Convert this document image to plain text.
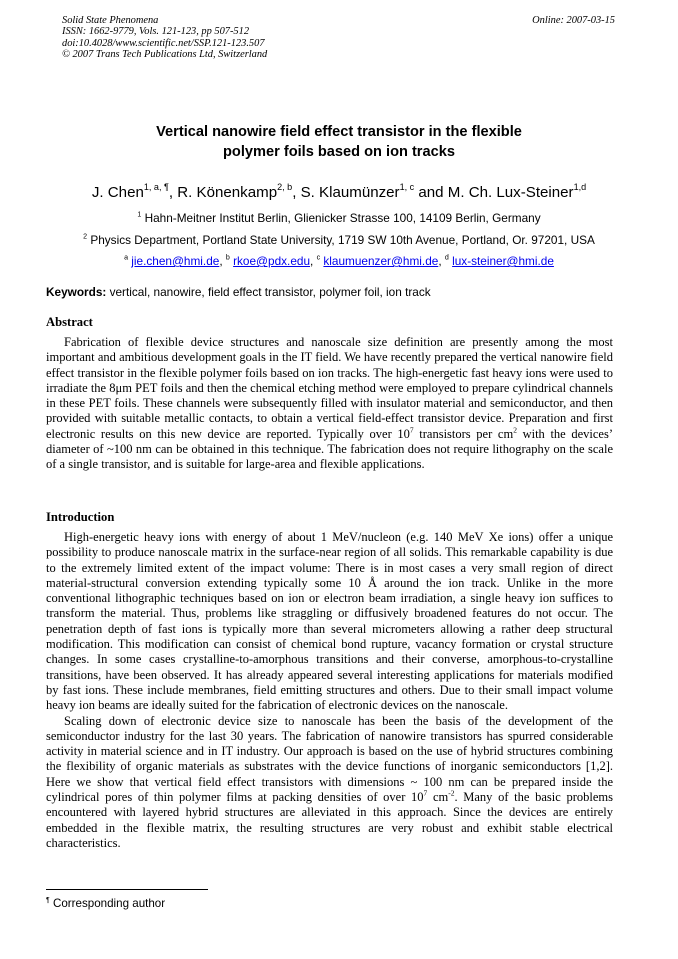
Solid State Phenomena
ISSN: 1662-9779, Vols. 121-123, pp 507-512
doi:10.4028/www.scientific.net/SSP.121-123.507
© 2007 Trans Tech Publications Ltd, Switzerland
Online: 2007-03-15
Vertical nanowire field effect transistor in the flexible
polymer foils based on ion tracks
J. Chen$^{1, a, \P}$, R. Könenkamp$^{2, b}$, S. Klaumünzer$^{1, c}$ and M. Ch. Lux-Steiner$^{1,d}$
$^1$ Hahn-Meitner Institut Berlin, Glienicker Strasse 100, 14109 Berlin, Germany
$^2$ Physics Department, Portland State University, 1719 SW 10th Avenue, Portland, Or. 97201, USA
$^a$ jie.chen@hmi.de, $^b$ rkoe@pdx.edu, $^c$ klaumuenzer@hmi.de, $^d$ lux-steiner@hmi.de
Keywords: vertical, nanowire, field effect transistor, polymer foil, ion track
Abstract

Fabrication of flexible device structures and nanoscale size definition are presently among the most important and ambitious development goals in the IT field. We have recently prepared the vertical nanowire field effect transistor in the flexible polymer foils based on ion tracks. The high-energetic fast heavy ions were used to irradiate the 8μm PET foils and then the chemical etching method were employed to prepare cylindrical channels in these PET foils. These channels were subsequently filled with insulator material and semiconductor, and then provided with suitable metallic contacts, to obtain a vertical field-effect transistor device. Preparation and first electronic results on this new device are reported. Typically over $10^7$ transistors per $cm^2$ with the devices’ diameter of ~100 nm can be obtained in this technique. The fabrication does not require lithography on the scale of a single transistor, and is suitable for large-area and flexible applications.

Introduction

High-energetic heavy ions with energy of about 1 MeV/nucleon (e.g. 140 MeV Xe ions) offer a unique possibility to produce nanoscale matrix in the surface-near region of all solids. This remarkable capability is due to the extremely limited extent of the impact volume: There is in most cases a very small region of direct material-structural conversion extending typically some 10 Å around the ion track. Unlike in the more conventional lithographic techniques based on ion or electron beam irradiation, a single heavy ion suffices to transform the material. Thus, problems like straggling or diffusively broadened features do not occur. The penetration depth of fast ions is typically more than several micrometers allowing a rather deep structural modification. This modification can consist of chemical bond rupture, vacancy formation or crystal structure changes. In some cases crystalline-to-amorphous transitions and their converse, amorphous-to-crystalline transitions, have been observed. It has already appeared several interesting applications for materials modified by fast ions. These include membranes, field emitting structures and others. Due to their small impact volume heavy ion beams are ideally suited for the fabrication of electronic devices on the nanoscale.

Scaling down of electronic device size to nanoscale has been the basis of the development of the semiconductor industry for the last 30 years. The fabrication of nanowire transistors has spurred considerable activity in material science and in IT industry. Our approach is based on the use of hybrid structures combining the flexibility of organic materials as substrates with the device functions of inorganic semiconductors [1,2]. Here we show that vertical field effect transistors with dimensions ~ 100 nm can be prepared inside the cylindrical pores of thin polymer films at packing densities of over $10^7$ $cm^{-2}$. Many of the basic problems encountered with layered hybrid structures are alleviated in this approach. Since the devices are entirely embedded in the flexible matrix, the resulting structures are very robust and exhibit stable electrical characteristics.

¶ Corresponding author
